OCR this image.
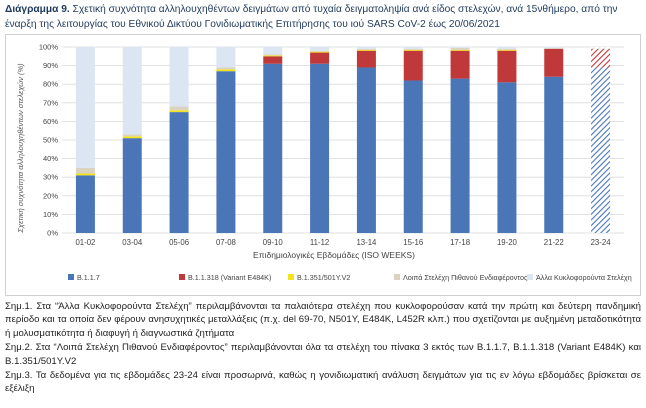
Διάγραμμα 9. Σχετική συχνότητα αλληλουχηθέντων δειγμάτων από τυχαία δειγματοληψία ανά είδος στελεχών, ανά 15νθήμερο, από την έναρξη της λειτουργίας του Εθνικού Δικτύου Γονιδιωματικής Επιτήρησης του ιού SARS CoV-2 έως 20/06/2021
01-02	03-04	05-06	07-08	09-10	11-12	13-14	15-16	17-18	19-20	21-22	23-24
0%
10%
20%
30%
40%
50%
60%
70%
80%
90%
100%
Σχετική συχνότητα αλληλουχηθέντων στελεχών (%)
Επιδημιολογικές Εβδομάδες (ISO WEEKS)
B.1.1.7	B.1.1.318 (Variant E484K)	B.1.351/501Y.V2	Λοιπά Στελέχη Πιθανού Ενδιαφέροντος Άλλα Κυκλοφορούντα Στελέχη

Σημ.1. Στα “Άλλα Κυκλοφορούντα Στελέχη” περιλαμβάνονται τα παλαιότερα στελέχη που κυκλοφορούσαν κατά την πρώτη και δεύτερη πανδημική περίοδο και τα οποία δεν φέρουν ανησυχητικές μεταλλάξεις (π.χ. del 69-70, N501Y, E484K, L452R κλπ.) που σχετίζονται με αυξημένη μεταδοτικότητα ή μολυσματικότητα ή διαφυγή ή διαγνωστικά ζητήματα

Σημ.2. Στα “Λοιπά Στελέχη Πιθανού Ενδιαφέροντος” περιλαμβάνονται όλα τα στελέχη του πίνακα 3 εκτός των B.1.1.7, B.1.1.318 (Variant E484K) και B.1.351/501Y.V2

Σημ.3. Τα δεδομένα για τις εβδομάδες 23-24 είναι προσωρινά, καθώς η γονιδιωματική ανάλυση δειγμάτων για τις εν λόγω εβδομάδες βρίσκεται σε εξέλιξη
